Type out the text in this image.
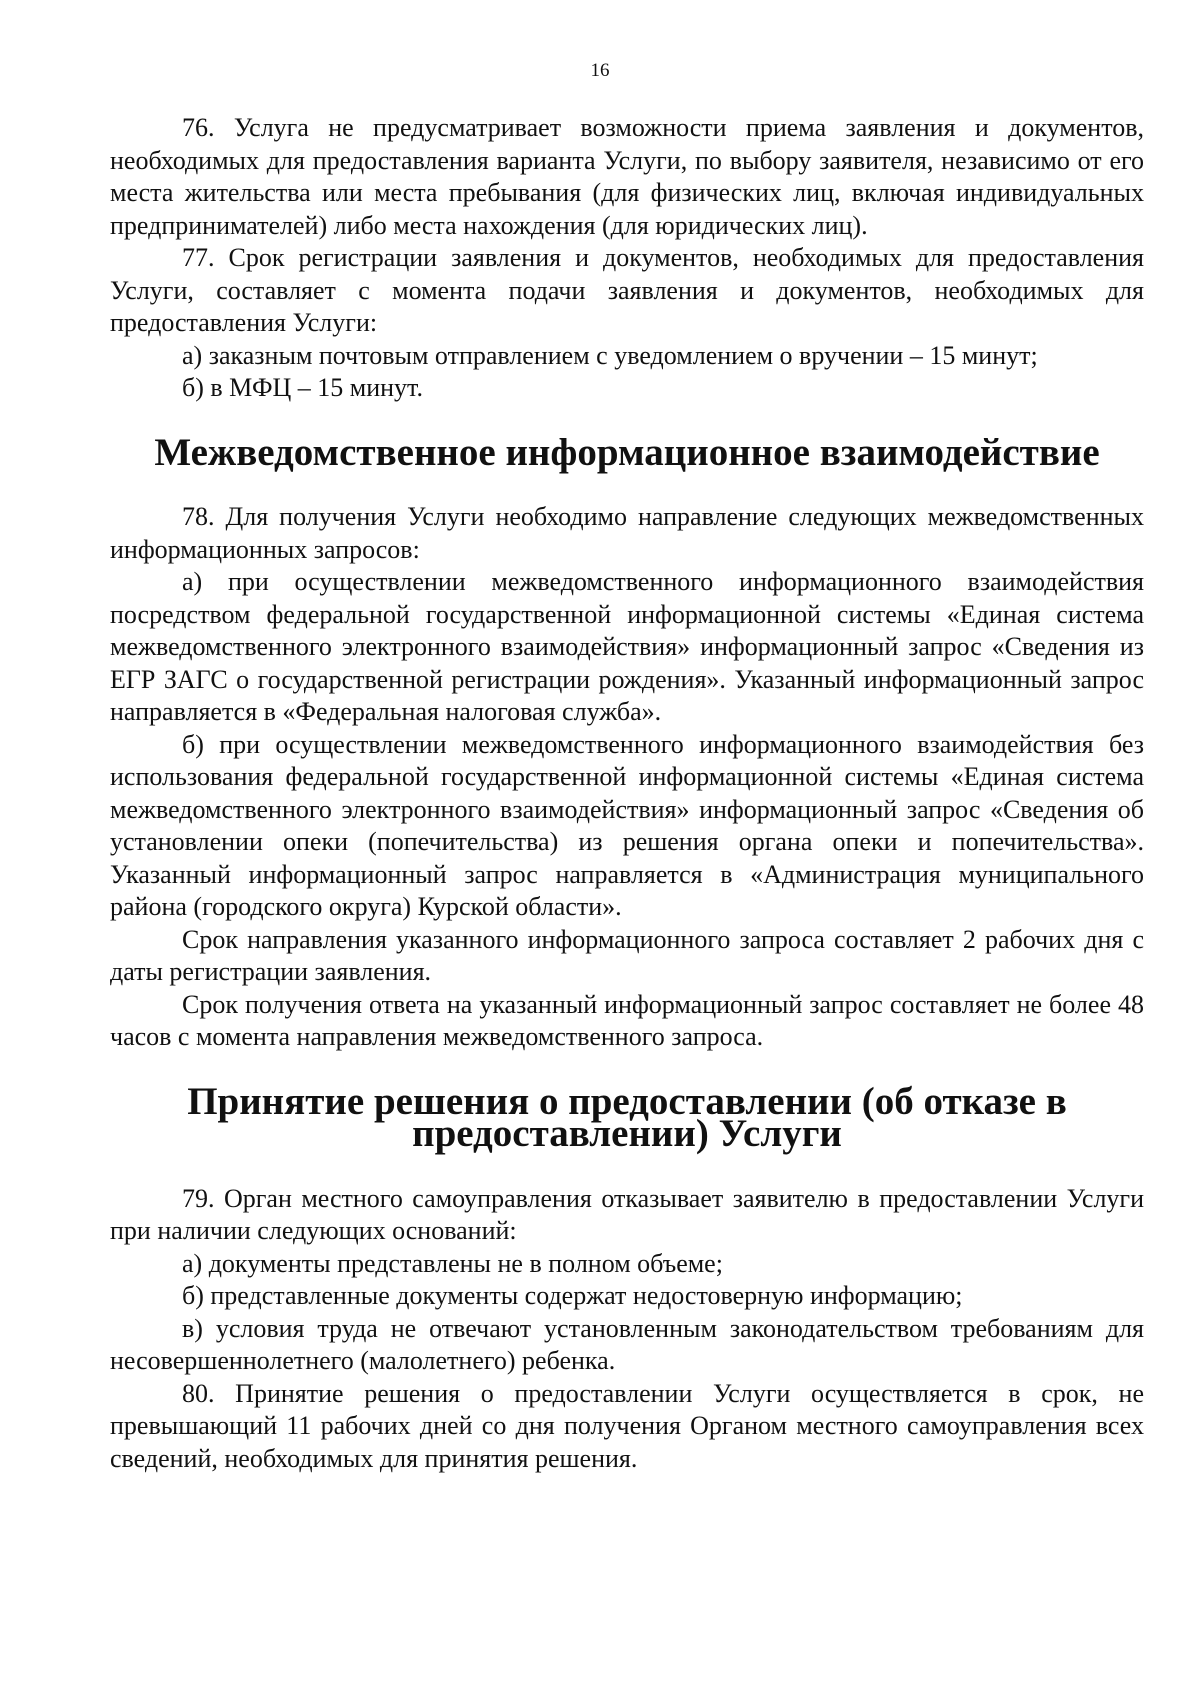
16

76. Услуга не предусматривает возможности приема заявления и документов, необходимых для предоставления варианта Услуги, по выбору заявителя, независимо от его места жительства или места пребывания (для физических лиц, включая индивидуальных предпринимателей) либо места нахождения (для юридических лиц).

77. Срок регистрации заявления и документов, необходимых для предоставления Услуги, составляет с момента подачи заявления и документов, необходимых для предоставления Услуги:

а) заказным почтовым отправлением с уведомлением о вручении – 15 минут;

б) в МФЦ – 15 минут.

Межведомственное информационное взаимодействие

78. Для получения Услуги необходимо направление следующих межведомственных информационных запросов:

а) при осуществлении межведомственного информационного взаимодействия посредством федеральной государственной информационной системы «Единая система межведомственного электронного взаимодействия» информационный запрос «Сведения из ЕГР ЗАГС о государственной регистрации рождения». Указанный информационный запрос направляется в «Федеральная налоговая служба».

б) при осуществлении межведомственного информационного взаимодействия без использования федеральной государственной информационной системы «Единая система межведомственного электронного взаимодействия» информационный запрос «Сведения об установлении опеки (попечительства) из решения органа опеки и попечительства». Указанный информационный запрос направляется в «Администрация муниципального района (городского округа) Курской области».

Срок направления указанного информационного запроса составляет 2 рабочих дня с даты регистрации заявления.

Срок получения ответа на указанный информационный запрос составляет не более 48 часов с момента направления межведомственного запроса.

Принятие решения о предоставлении (об отказе в предоставлении) Услуги

79. Орган местного самоуправления отказывает заявителю в предоставлении Услуги при наличии следующих оснований:

а) документы представлены не в полном объеме;

б) представленные документы содержат недостоверную информацию;

в) условия труда не отвечают установленным законодательством требованиям для несовершеннолетнего (малолетнего) ребенка.

80. Принятие решения о предоставлении Услуги осуществляется в срок, не превышающий 11 рабочих дней со дня получения Органом местного самоуправления всех сведений, необходимых для принятия решения.
